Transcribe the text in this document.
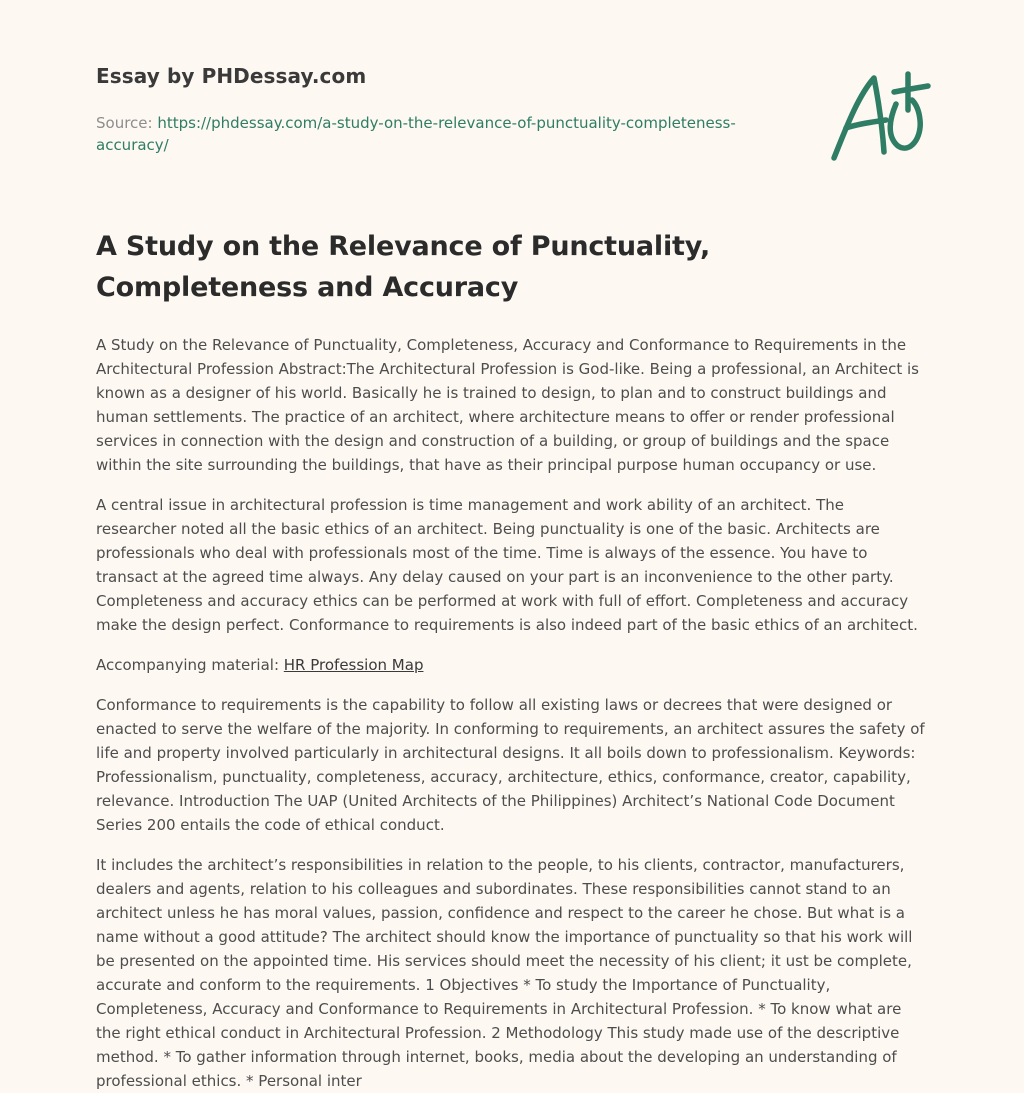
Essay by PHDessay.com
Source: https://phdessay.com/a-study-on-the-relevance-of-punctuality-completeness-accuracy/
A Study on the Relevance of Punctuality, Completeness and Accuracy

A Study on the Relevance of Punctuality, Completeness, Accuracy and Conformance to Requirements in the Architectural Profession Abstract:The Architectural Profession is God-like. Being a professional, an Architect is known as a designer of his world. Basically he is trained to design, to plan and to construct buildings and human settlements. The practice of an architect, where architecture means to offer or render professional services in connection with the design and construction of a building, or group of buildings and the space within the site surrounding the buildings, that have as their principal purpose human occupancy or use.

A central issue in architectural profession is time management and work ability of an architect. The researcher noted all the basic ethics of an architect. Being punctuality is one of the basic. Architects are professionals who deal with professionals most of the time. Time is always of the essence. You have to transact at the agreed time always. Any delay caused on your part is an inconvenience to the other party. Completeness and accuracy ethics can be performed at work with full of effort. Completeness and accuracy make the design perfect. Conformance to requirements is also indeed part of the basic ethics of an architect.

Accompanying material: HR Profession Map

Conformance to requirements is the capability to follow all existing laws or decrees that were designed or enacted to serve the welfare of the majority. In conforming to requirements, an architect assures the safety of life and property involved particularly in architectural designs. It all boils down to professionalism. Keywords: Professionalism, punctuality, completeness, accuracy, architecture, ethics, conformance, creator, capability, relevance. Introduction The UAP (United Architects of the Philippines) Architect’s National Code Document Series 200 entails the code of ethical conduct.

It includes the architect’s responsibilities in relation to the people, to his clients, contractor, manufacturers, dealers and agents, relation to his colleagues and subordinates. These responsibilities cannot stand to an architect unless he has moral values, passion, confidence and respect to the career he chose. But what is a name without a good attitude? The architect should know the importance of punctuality so that his work will be presented on the appointed time. His services should meet the necessity of his client; it ust be complete, accurate and conform to the requirements. 1 Objectives * To study the Importance of Punctuality, Completeness, Accuracy and Conformance to Requirements in Architectural Profession. * To know what are the right ethical conduct in Architectural Profession. 2 Methodology This study made use of the descriptive method. * To gather information through internet, books, media about the developing an understanding of professional ethics. * Personal inter
